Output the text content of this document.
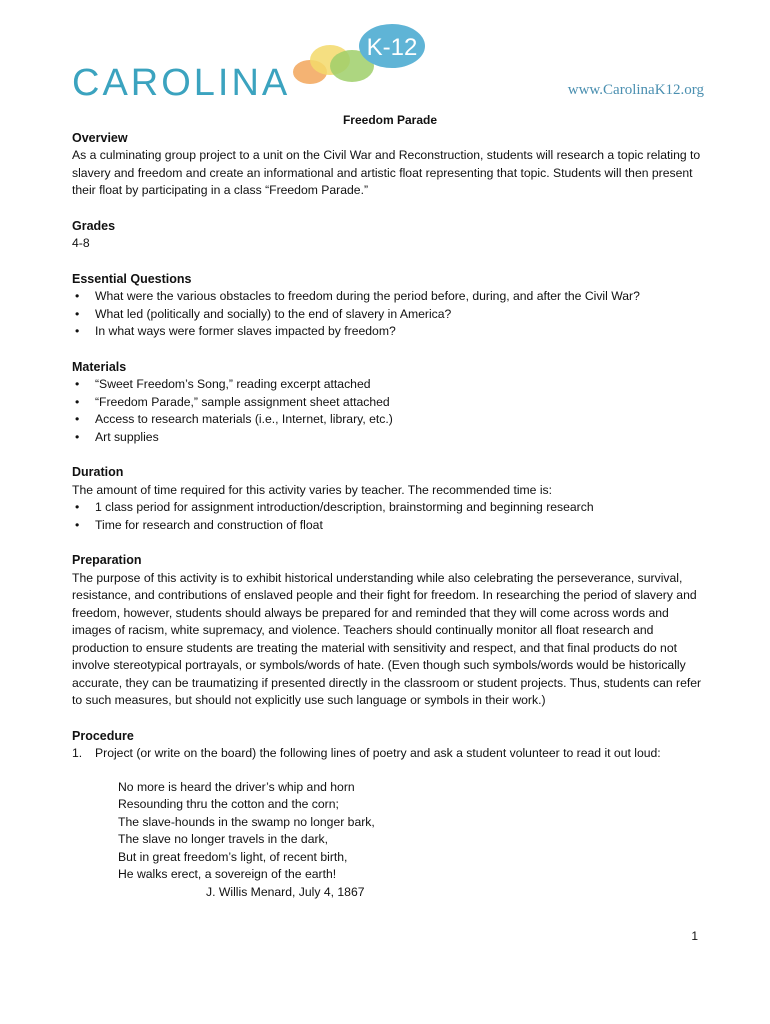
K-12
CAROLINA	www.CarolinaK12.org
Freedom Parade
Overview

As a culminating group project to a unit on the Civil War and Reconstruction, students will research a topic relating to slavery and freedom and create an informational and artistic float representing that topic. Students will then present their float by participating in a class “Freedom Parade.”

Grades

4-8

Essential Questions
• What were the various obstacles to freedom during the period before, during, and after the Civil War?
• What led (politically and socially) to the end of slavery in America?
• In what ways were former slaves impacted by freedom?
Materials
• “Sweet Freedom’s Song,” reading excerpt attached
• “Freedom Parade,” sample assignment sheet attached
• Access to research materials (i.e., Internet, library, etc.)
• Art supplies
Duration

The amount of time required for this activity varies by teacher. The recommended time is:

• 1 class period for assignment introduction/description, brainstorming and beginning research
• Time for research and construction of float
Preparation

The purpose of this activity is to exhibit historical understanding while also celebrating the perseverance, survival, resistance, and contributions of enslaved people and their fight for freedom. In researching the period of slavery and freedom, however, students should always be prepared for and reminded that they will come across words and images of racism, white supremacy, and violence. Teachers should continually monitor all float research and production to ensure students are treating the material with sensitivity and respect, and that final products do not involve stereotypical portrayals, or symbols/words of hate. (Even though such symbols/words would be historically accurate, they can be traumatizing if presented directly in the classroom or student projects. Thus, students can refer to such measures, but should not explicitly use such language or symbols in their work.)

Procedure
1. Project (or write on the board) the following lines of poetry and ask a student volunteer to read it out loud:
No more is heard the driver’s whip and horn
Resounding thru the cotton and the corn;
The slave-hounds in the swamp no longer bark,
The slave no longer travels in the dark,
But in great freedom’s light, of recent birth,
He walks erect, a sovereign of the earth!
J. Willis Menard, July 4, 1867
1
